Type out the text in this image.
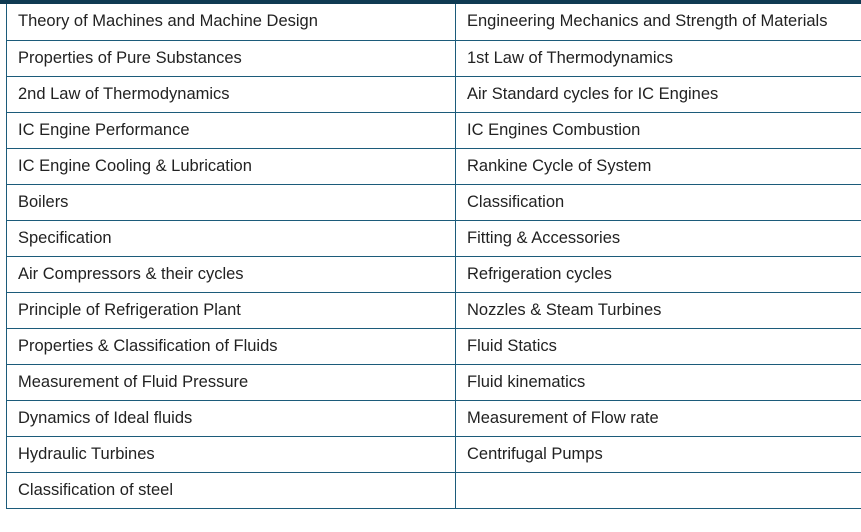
Theory of Machines and Machine Design	Engineering Mechanics and Strength of Materials
Properties of Pure Substances	1st Law of Thermodynamics
2nd Law of Thermodynamics	Air Standard cycles for IC Engines
IC Engine Performance	IC Engines Combustion
IC Engine Cooling & Lubrication	Rankine Cycle of System
Boilers	Classification
Specification	Fitting & Accessories
Air Compressors & their cycles	Refrigeration cycles
Principle of Refrigeration Plant	Nozzles & Steam Turbines
Properties & Classification of Fluids	Fluid Statics
Measurement of Fluid Pressure	Fluid kinematics
Dynamics of Ideal fluids	Measurement of Flow rate
Hydraulic Turbines	Centrifugal Pumps
Classification of steel	
